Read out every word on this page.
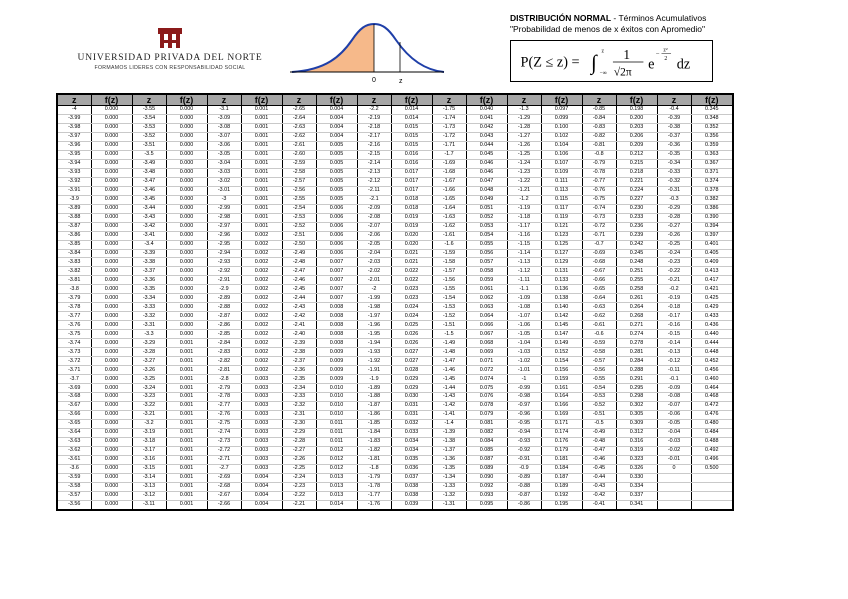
UNIVERSIDAD PRIVADA DEL NORTE
FORMAMOS LIDERES CON RESPONSABILIDAD SOCIAL
0	z
DISTRIBUCIÓN NORMAL - Términos Acumulativos
"Probabilidad de menos de x éxitos con Apromedio"
P(Z ≤ z) = ∫ z
−∞
1
√2π e
−
z²
2 dz
z	f(z)	z	f(z)	z	f(z)	z	f(z)	z	f(z)	z	f(z)	z	f(z)	z	f(z)	z	f(z)
-4	0.000	-3.55	0.000	-3.1	0.001	-2.65	0.004	-2.2	0.014	-1.75	0.040	-1.3	0.097	-0.85	0.198	-0.4	0.345
-3.99	0.000	-3.54	0.000	-3.09	0.001	-2.64	0.004	-2.19	0.014	-1.74	0.041	-1.29	0.099	-0.84	0.200	-0.39	0.348
-3.98	0.000	-3.53	0.000	-3.08	0.001	-2.63	0.004	-2.18	0.015	-1.73	0.042	-1.28	0.100	-0.83	0.203	-0.38	0.352
-3.97	0.000	-3.52	0.000	-3.07	0.001	-2.62	0.004	-2.17	0.015	-1.72	0.043	-1.27	0.102	-0.82	0.206	-0.37	0.356
-3.96	0.000	-3.51	0.000	-3.06	0.001	-2.61	0.005	-2.16	0.015	-1.71	0.044	-1.26	0.104	-0.81	0.209	-0.36	0.359
-3.95	0.000	-3.5	0.000	-3.05	0.001	-2.60	0.005	-2.15	0.016	-1.7	0.045	-1.25	0.106	-0.8	0.212	-0.35	0.363
-3.94	0.000	-3.49	0.000	-3.04	0.001	-2.59	0.005	-2.14	0.016	-1.69	0.046	-1.24	0.107	-0.79	0.215	-0.34	0.367
-3.93	0.000	-3.48	0.000	-3.03	0.001	-2.58	0.005	-2.13	0.017	-1.68	0.046	-1.23	0.109	-0.78	0.218	-0.33	0.371
-3.92	0.000	-3.47	0.000	-3.02	0.001	-2.57	0.005	-2.12	0.017	-1.67	0.047	-1.22	0.111	-0.77	0.221	-0.32	0.374
-3.91	0.000	-3.46	0.000	-3.01	0.001	-2.56	0.005	-2.11	0.017	-1.66	0.048	-1.21	0.113	-0.76	0.224	-0.31	0.378
-3.9	0.000	-3.45	0.000	-3	0.001	-2.55	0.005	-2.1	0.018	-1.65	0.049	-1.2	0.115	-0.75	0.227	-0.3	0.382
-3.89	0.000	-3.44	0.000	-2.99	0.001	-2.54	0.006	-2.09	0.018	-1.64	0.051	-1.19	0.117	-0.74	0.230	-0.29	0.386
-3.88	0.000	-3.43	0.000	-2.98	0.001	-2.53	0.006	-2.08	0.019	-1.63	0.052	-1.18	0.119	-0.73	0.233	-0.28	0.390
-3.87	0.000	-3.42	0.000	-2.97	0.001	-2.52	0.006	-2.07	0.019	-1.62	0.053	-1.17	0.121	-0.72	0.236	-0.27	0.394
-3.86	0.000	-3.41	0.000	-2.96	0.002	-2.51	0.006	-2.06	0.020	-1.61	0.054	-1.16	0.123	-0.71	0.239	-0.26	0.397
-3.85	0.000	-3.4	0.000	-2.95	0.002	-2.50	0.006	-2.05	0.020	-1.6	0.055	-1.15	0.125	-0.7	0.242	-0.25	0.401
-3.84	0.000	-3.39	0.000	-2.94	0.002	-2.49	0.006	-2.04	0.021	-1.59	0.056	-1.14	0.127	-0.69	0.245	-0.24	0.405
-3.83	0.000	-3.38	0.000	-2.93	0.002	-2.48	0.007	-2.03	0.021	-1.58	0.057	-1.13	0.129	-0.68	0.248	-0.23	0.409
-3.82	0.000	-3.37	0.000	-2.92	0.002	-2.47	0.007	-2.02	0.022	-1.57	0.058	-1.12	0.131	-0.67	0.251	-0.22	0.413
-3.81	0.000	-3.36	0.000	-2.91	0.002	-2.46	0.007	-2.01	0.022	-1.56	0.059	-1.11	0.133	-0.66	0.255	-0.21	0.417
-3.8	0.000	-3.35	0.000	-2.9	0.002	-2.45	0.007	-2	0.023	-1.55	0.061	-1.1	0.136	-0.65	0.258	-0.2	0.421
-3.79	0.000	-3.34	0.000	-2.89	0.002	-2.44	0.007	-1.99	0.023	-1.54	0.062	-1.09	0.138	-0.64	0.261	-0.19	0.425
-3.78	0.000	-3.33	0.000	-2.88	0.002	-2.43	0.008	-1.98	0.024	-1.53	0.063	-1.08	0.140	-0.63	0.264	-0.18	0.429
-3.77	0.000	-3.32	0.000	-2.87	0.002	-2.42	0.008	-1.97	0.024	-1.52	0.064	-1.07	0.142	-0.62	0.268	-0.17	0.433
-3.76	0.000	-3.31	0.000	-2.86	0.002	-2.41	0.008	-1.96	0.025	-1.51	0.066	-1.06	0.145	-0.61	0.271	-0.16	0.436
-3.75	0.000	-3.3	0.000	-2.85	0.002	-2.40	0.008	-1.95	0.026	-1.5	0.067	-1.05	0.147	-0.6	0.274	-0.15	0.440
-3.74	0.000	-3.29	0.001	-2.84	0.002	-2.39	0.008	-1.94	0.026	-1.49	0.068	-1.04	0.149	-0.59	0.278	-0.14	0.444
-3.73	0.000	-3.28	0.001	-2.83	0.002	-2.38	0.009	-1.93	0.027	-1.48	0.069	-1.03	0.152	-0.58	0.281	-0.13	0.448
-3.72	0.000	-3.27	0.001	-2.82	0.002	-2.37	0.009	-1.92	0.027	-1.47	0.071	-1.02	0.154	-0.57	0.284	-0.12	0.452
-3.71	0.000	-3.26	0.001	-2.81	0.002	-2.36	0.009	-1.91	0.028	-1.46	0.072	-1.01	0.156	-0.56	0.288	-0.11	0.456
-3.7	0.000	-3.25	0.001	-2.8	0.003	-2.35	0.009	-1.9	0.029	-1.45	0.074	-1	0.159	-0.55	0.291	-0.1	0.460
-3.69	0.000	-3.24	0.001	-2.79	0.003	-2.34	0.010	-1.89	0.029	-1.44	0.075	-0.99	0.161	-0.54	0.295	-0.09	0.464
-3.68	0.000	-3.23	0.001	-2.78	0.003	-2.33	0.010	-1.88	0.030	-1.43	0.076	-0.98	0.164	-0.53	0.298	-0.08	0.468
-3.67	0.000	-3.22	0.001	-2.77	0.003	-2.32	0.010	-1.87	0.031	-1.42	0.078	-0.97	0.166	-0.52	0.302	-0.07	0.472
-3.66	0.000	-3.21	0.001	-2.76	0.003	-2.31	0.010	-1.86	0.031	-1.41	0.079	-0.96	0.169	-0.51	0.305	-0.06	0.476
-3.65	0.000	-3.2	0.001	-2.75	0.003	-2.30	0.011	-1.85	0.032	-1.4	0.081	-0.95	0.171	-0.5	0.309	-0.05	0.480
-3.64	0.000	-3.19	0.001	-2.74	0.003	-2.29	0.011	-1.84	0.033	-1.39	0.082	-0.94	0.174	-0.49	0.312	-0.04	0.484
-3.63	0.000	-3.18	0.001	-2.73	0.003	-2.28	0.011	-1.83	0.034	-1.38	0.084	-0.93	0.176	-0.48	0.316	-0.03	0.488
-3.62	0.000	-3.17	0.001	-2.72	0.003	-2.27	0.012	-1.82	0.034	-1.37	0.085	-0.92	0.179	-0.47	0.319	-0.02	0.492
-3.61	0.000	-3.16	0.001	-2.71	0.003	-2.26	0.012	-1.81	0.035	-1.36	0.087	-0.91	0.181	-0.46	0.323	-0.01	0.496
-3.6	0.000	-3.15	0.001	-2.7	0.003	-2.25	0.012	-1.8	0.036	-1.35	0.089	-0.9	0.184	-0.45	0.326	0	0.500
-3.59	0.000	-3.14	0.001	-2.69	0.004	-2.24	0.013	-1.79	0.037	-1.34	0.090	-0.89	0.187	-0.44	0.330		
-3.58	0.000	-3.13	0.001	-2.68	0.004	-2.23	0.013	-1.78	0.038	-1.33	0.092	-0.88	0.189	-0.43	0.334		
-3.57	0.000	-3.12	0.001	-2.67	0.004	-2.22	0.013	-1.77	0.038	-1.32	0.093	-0.87	0.192	-0.42	0.337		
-3.56	0.000	-3.11	0.001	-2.66	0.004	-2.21	0.014	-1.76	0.039	-1.31	0.095	-0.86	0.195	-0.41	0.341		
